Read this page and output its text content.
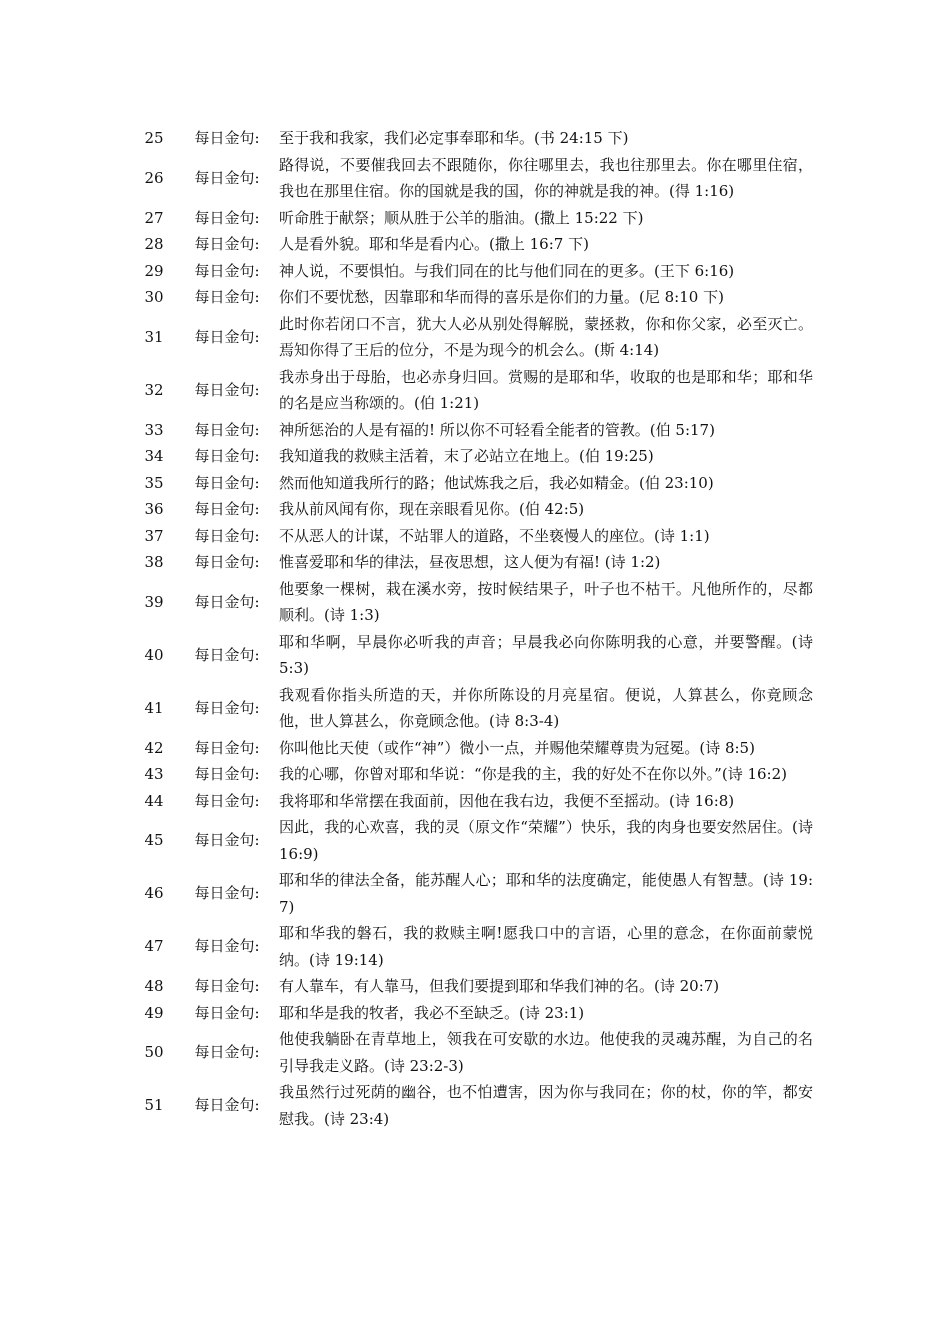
25	每日金句:	至于我和我家，我们必定事奉耶和华。(书 24:15 下)
26	每日金句:	路得说，不要催我回去不跟随你，你往哪里去，我也往那里去。你在哪里住宿，我也在那里住宿。你的国就是我的国，你的神就是我的神。(得 1:16)
27	每日金句:	听命胜于献祭；顺从胜于公羊的脂油。(撒上 15:22 下)
28	每日金句:	人是看外貌。耶和华是看内心。(撒上 16:7 下)
29	每日金句:	神人说，不要惧怕。与我们同在的比与他们同在的更多。(王下 6:16)
30	每日金句:	你们不要忧愁，因靠耶和华而得的喜乐是你们的力量。(尼 8:10 下)
31	每日金句:	此时你若闭口不言，犹大人必从别处得解脱，蒙拯救，你和你父家，必至灭亡。焉知你得了王后的位分，不是为现今的机会么。(斯 4:14)
32	每日金句:	我赤身出于母胎，也必赤身归回。赏赐的是耶和华，收取的也是耶和华；耶和华的名是应当称颂的。(伯 1:21)
33	每日金句:	神所惩治的人是有福的! 所以你不可轻看全能者的管教。(伯 5:17)
34	每日金句:	我知道我的救赎主活着，末了必站立在地上。(伯 19:25)
35	每日金句:	然而他知道我所行的路；他试炼我之后，我必如精金。(伯 23:10)
36	每日金句:	我从前风闻有你，现在亲眼看见你。(伯 42:5)
37	每日金句:	不从恶人的计谋，不站罪人的道路，不坐亵慢人的座位。(诗 1:1)
38	每日金句:	惟喜爱耶和华的律法，昼夜思想，这人便为有福! (诗 1:2)
39	每日金句:	他要象一棵树，栽在溪水旁，按时候结果子，叶子也不枯干。凡他所作的，尽都顺利。(诗 1:3)
40	每日金句:	耶和华啊，早晨你必听我的声音；早晨我必向你陈明我的心意，并要警醒。(诗 5:3)
41	每日金句:	我观看你指头所造的天，并你所陈设的月亮星宿。便说，人算甚么，你竟顾念他，世人算甚么，你竟顾念他。(诗 8:3-4)
42	每日金句:	你叫他比天使（或作“神”）微小一点，并赐他荣耀尊贵为冠冕。(诗 8:5)
43	每日金句:	我的心哪，你曾对耶和华说：“你是我的主，我的好处不在你以外。”(诗 16:2)
44	每日金句:	我将耶和华常摆在我面前，因他在我右边，我便不至摇动。(诗 16:8)
45	每日金句:	因此，我的心欢喜，我的灵（原文作“荣耀”）快乐，我的肉身也要安然居住。(诗 16:9)
46	每日金句:	耶和华的律法全备，能苏醒人心；耶和华的法度确定，能使愚人有智慧。(诗 19:7)
47	每日金句:	耶和华我的磐石，我的救赎主啊!愿我口中的言语，心里的意念，在你面前蒙悦纳。(诗 19:14)
48	每日金句:	有人靠车，有人靠马，但我们要提到耶和华我们神的名。(诗 20:7)
49	每日金句:	耶和华是我的牧者，我必不至缺乏。(诗 23:1)
50	每日金句:	他使我躺卧在青草地上，领我在可安歇的水边。他使我的灵魂苏醒，为自己的名引导我走义路。(诗 23:2-3)
51	每日金句:	我虽然行过死荫的幽谷，也不怕遭害，因为你与我同在；你的杖，你的竿，都安慰我。(诗 23:4)
